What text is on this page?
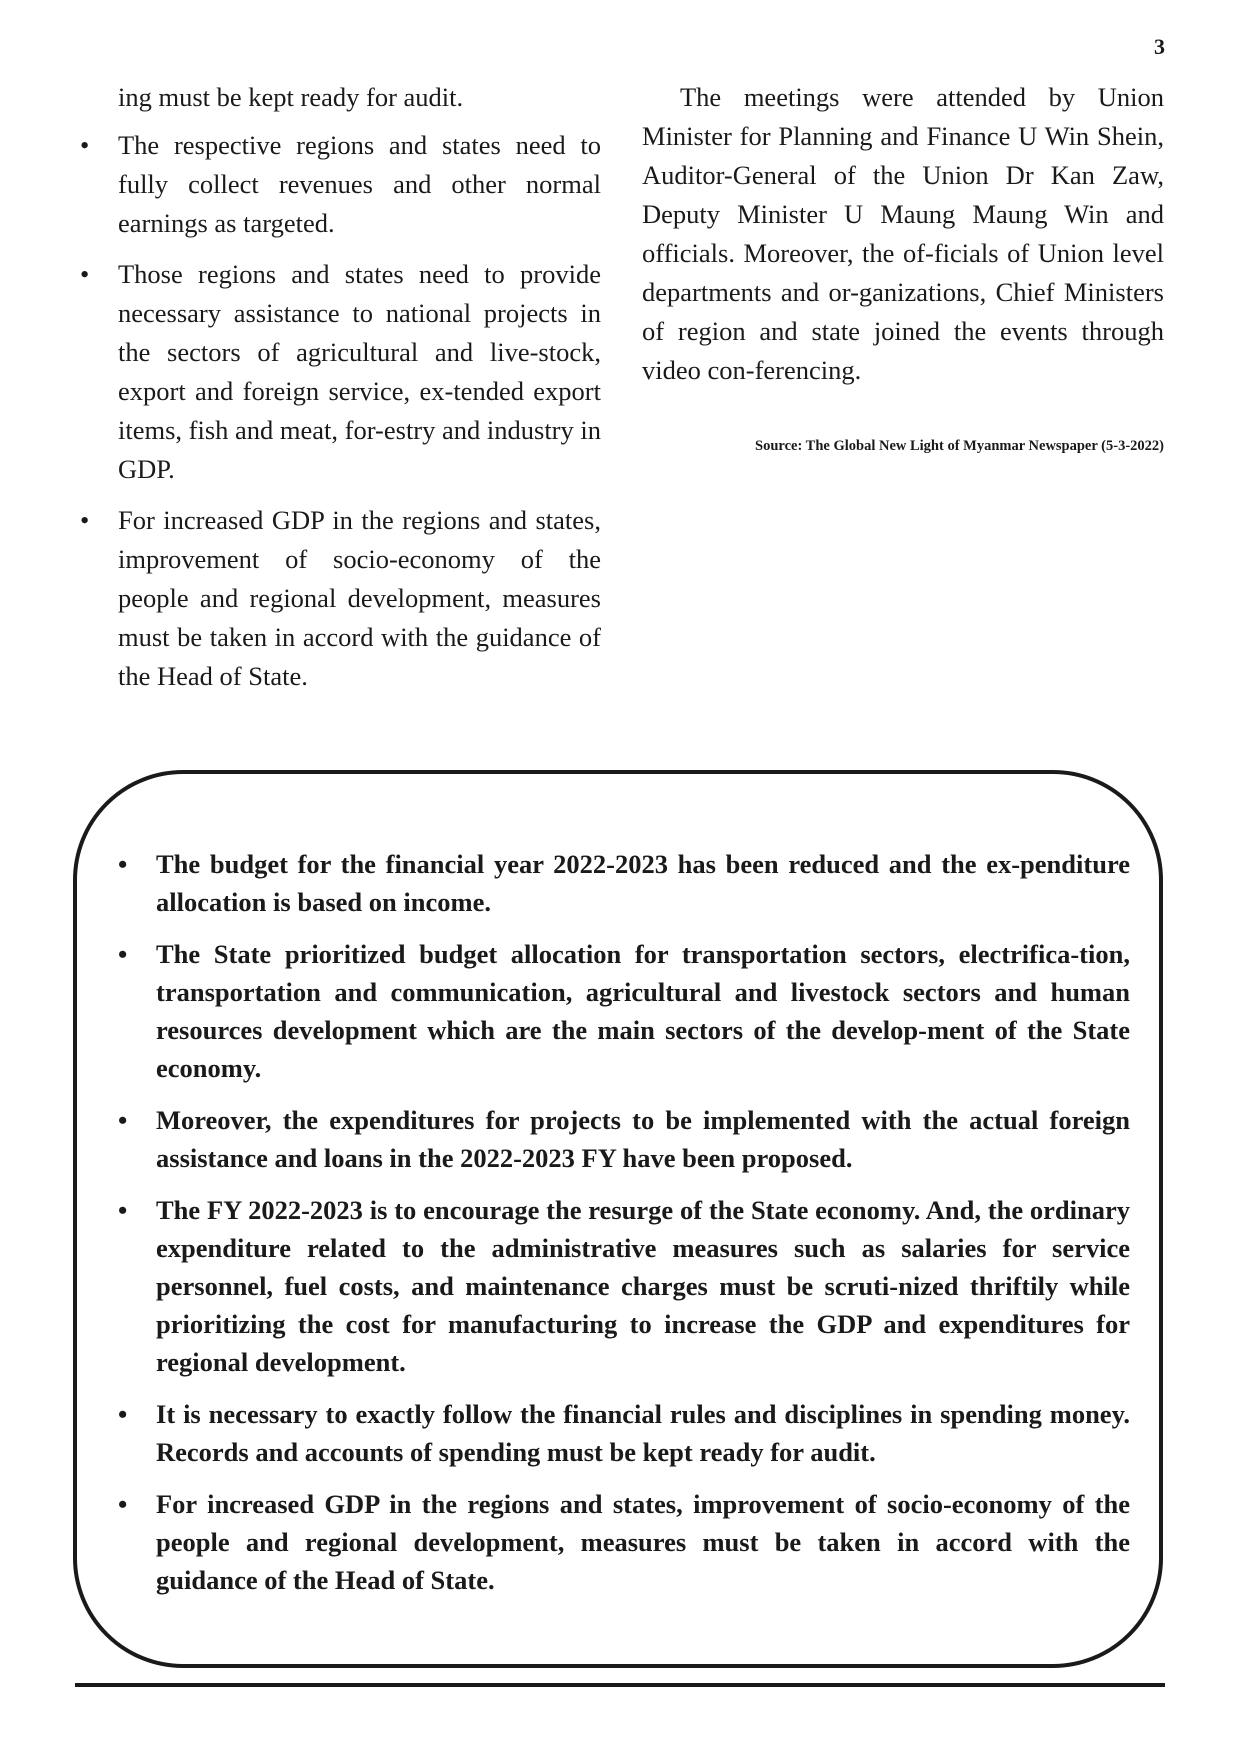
3

ing must be kept ready for audit.

• The respective regions and states need to fully collect revenues and other normal earnings as targeted.
• Those regions and states need to provide necessary assistance to national projects in the sectors of agricultural and live-stock, export and foreign service, ex-tended export items, fish and meat, for-estry and industry in GDP.
• For increased GDP in the regions and states, improvement of socio-economy of the people and regional development, measures must be taken in accord with the guidance of the Head of State.

The meetings were attended by Union Minister for Planning and Finance U Win Shein, Auditor-General of the Union Dr Kan Zaw, Deputy Minister U Maung Maung Win and officials. Moreover, the of-ficials of Union level departments and or-ganizations, Chief Ministers of region and state joined the events through video con-ferencing.

Source: The Global New Light of Myanmar Newspaper (5-3-2022)
• The budget for the financial year 2022-2023 has been reduced and the ex-penditure allocation is based on income.
• The State prioritized budget allocation for transportation sectors, electrifica-tion, transportation and communication, agricultural and livestock sectors and human resources development which are the main sectors of the develop-ment of the State economy.
• Moreover, the expenditures for projects to be implemented with the actual foreign assistance and loans in the 2022-2023 FY have been proposed.
• The FY 2022-2023 is to encourage the resurge of the State economy. And, the ordinary expenditure related to the administrative measures such as salaries for service personnel, fuel costs, and maintenance charges must be scruti-nized thriftily while prioritizing the cost for manufacturing to increase the GDP and expenditures for regional development.
• It is necessary to exactly follow the financial rules and disciplines in spending money. Records and accounts of spending must be kept ready for audit.
• For increased GDP in the regions and states, improvement of socio-economy of the people and regional development, measures must be taken in accord with the guidance of the Head of State.
